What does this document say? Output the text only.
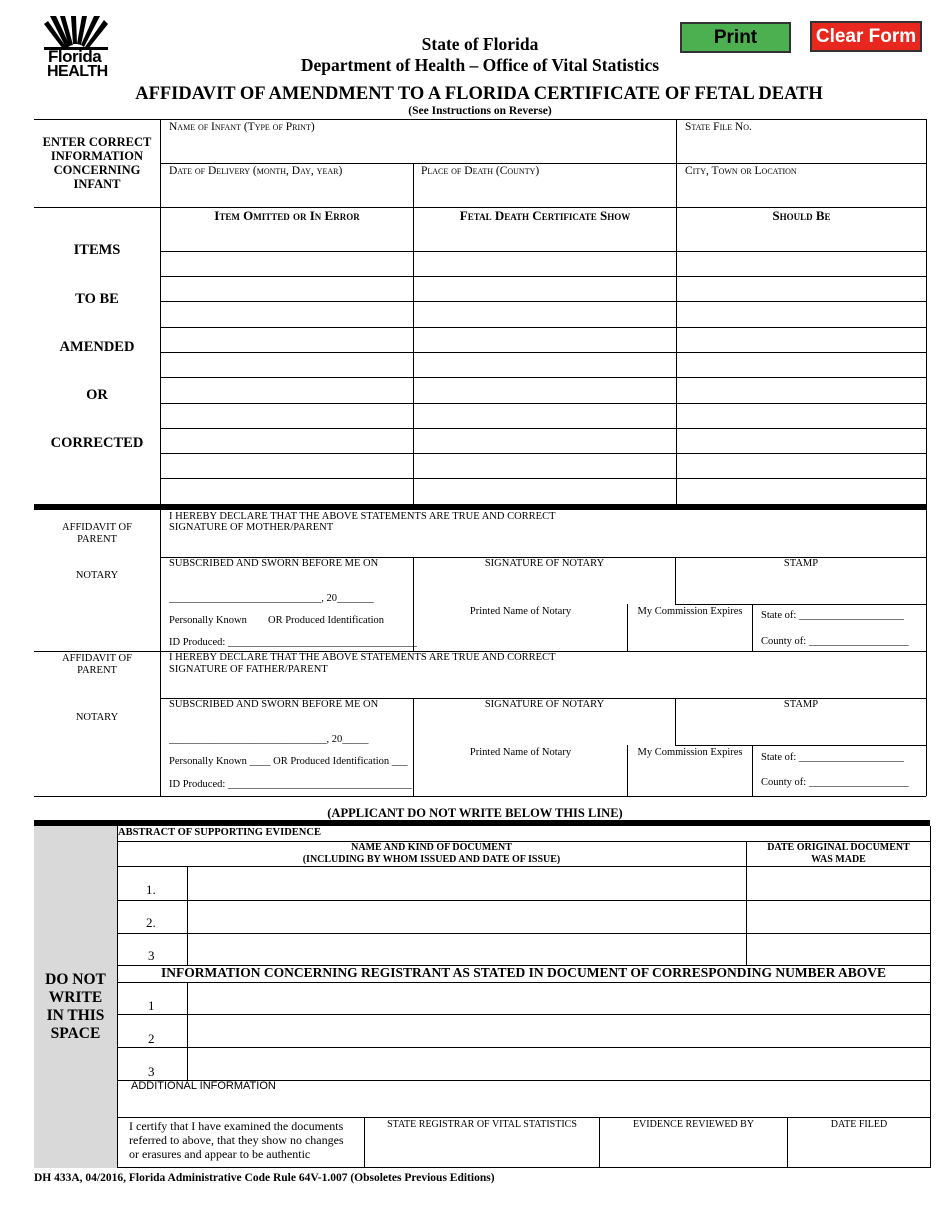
Florida
HEALTH
State of Florida
Department of Health – Office of Vital Statistics
Print	Clear Form
AFFIDAVIT OF AMENDMENT TO A FLORIDA CERTIFICATE OF FETAL DEATH
(See Instructions on Reverse)
ENTER CORRECT
INFORMATION
CONCERNING
INFANT
Name of Infant (Type of Print)	State File No.
Date of Delivery (month, Day, year)	Place of Death (County)	City, Town or Location
Item Omitted or In Error	Fetal Death Certificate Show	Should Be
ITEMS
TO BE
AMENDED
OR
CORRECTED
AFFIDAVIT OF
PARENT
NOTARY
I HEREBY DECLARE THAT THE ABOVE STATEMENTS ARE TRUE AND CORRECT
SIGNATURE OF MOTHER/PARENT
SUBSCRIBED AND SWORN BEFORE ME ON
_____________________________, 20_______
SIGNATURE OF NOTARY	STAMP
Personally Known OR Produced Identification
ID Produced: ____________________________________
Printed Name of Notary	My Commission Expires	State of: ____________________
County of: ___________________
AFFIDAVIT OF
PARENT
NOTARY
I HEREBY DECLARE THAT THE ABOVE STATEMENTS ARE TRUE AND CORRECT
SIGNATURE OF FATHER/PARENT
SUBSCRIBED AND SWORN BEFORE ME ON
______________________________, 20_____
SIGNATURE OF NOTARY	STAMP
Personally Known ____ OR Produced Identification ___
ID Produced: ___________________________________
Printed Name of Notary	My Commission Expires	State of: ____________________
County of: ___________________
(APPLICANT DO NOT WRITE BELOW THIS LINE)
DO NOT
WRITE
IN THIS
SPACE
ABSTRACT OF SUPPORTING EVIDENCE
NAME AND KIND OF DOCUMENT
(INCLUDING BY WHOM ISSUED AND DATE OF ISSUE)
DATE ORIGINAL DOCUMENT
WAS MADE
1.
2.
3
INFORMATION CONCERNING REGISTRANT AS STATED IN DOCUMENT OF CORRESPONDING NUMBER ABOVE
1
2
3
ADDITIONAL INFORMATION
I certify that I have examined the documents
referred to above, that they show no changes
or erasures and appear to be authentic
STATE REGISTRAR OF VITAL STATISTICS	EVIDENCE REVIEWED BY	DATE FILED
DH 433A, 04/2016, Florida Administrative Code Rule 64V-1.007 (Obsoletes Previous Editions)
